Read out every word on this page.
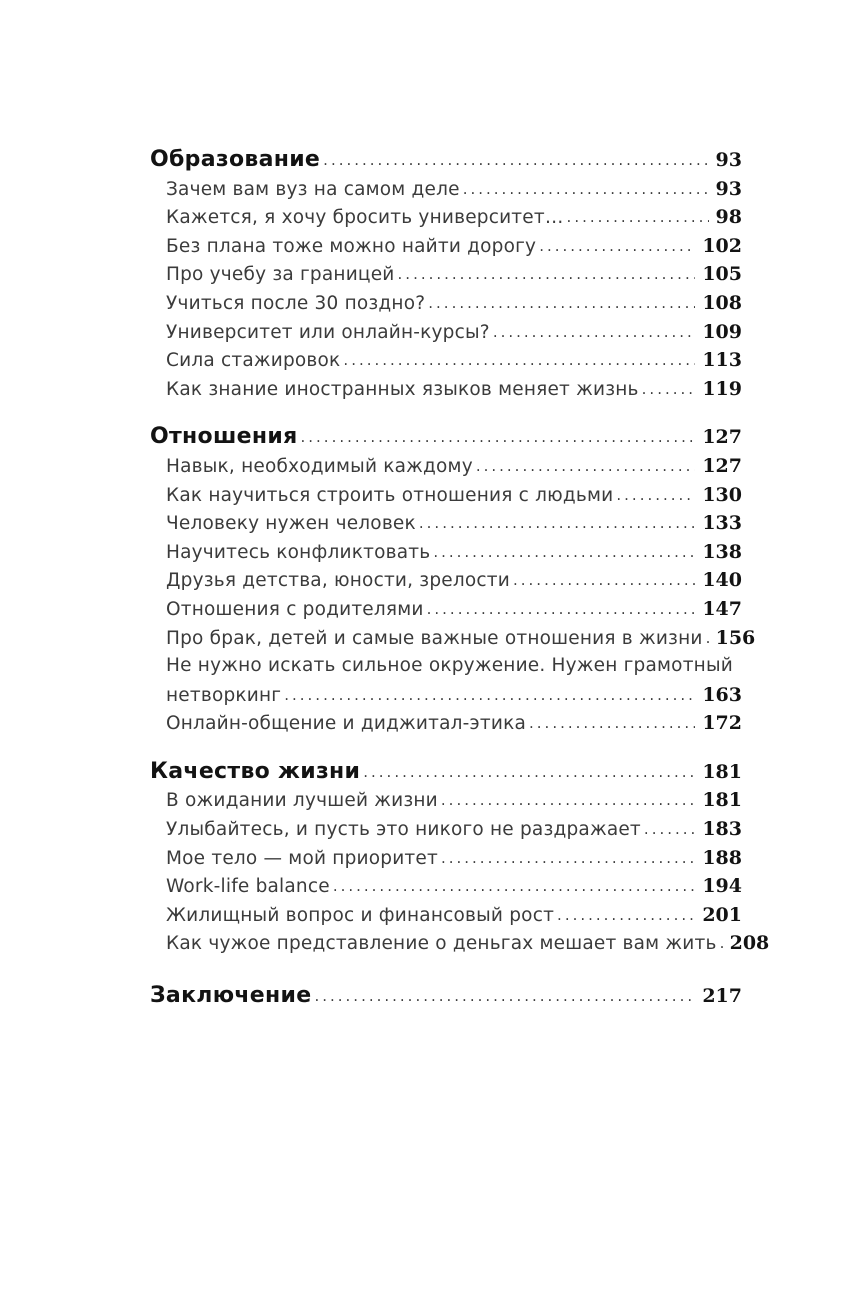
Образование .....	93
Зачем вам вуз на самом деле .....	93
Кажется, я хочу бросить университет… .....	98
Без плана тоже можно найти дорогу .....	102
Про учебу за границей .....	105
Учиться после 30 поздно? .....	108
Университет или онлайн-курсы? .....	109
Сила стажировок .....	113
Как знание иностранных языков меняет жизнь .....	119
Отношения .....	127
Навык, необходимый каждому .....	127
Как научиться строить отношения с людьми .....	130
Человеку нужен человек .....	133
Научитесь конфликтовать .....	138
Друзья детства, юности, зрелости .....	140
Отношения с родителями .....	147
Про брак, детей и самые важные отношения в жизни ..... 156
Не нужно искать сильное окружение. Нужен грамотный
нетворкинг .....	163
Онлайн-общение и диджитал-этика .....	172
Качество жизни .....	181
В ожидании лучшей жизни .....	181
Улыбайтесь, и пусть это никого не раздражает .....	183
Мое тело — мой приоритет .....	188
Work-life balance .....	194
Жилищный вопрос и финансовый рост .....	201
Как чужое представление о деньгах мешает вам жить ..... 208
Заключение .....	217
